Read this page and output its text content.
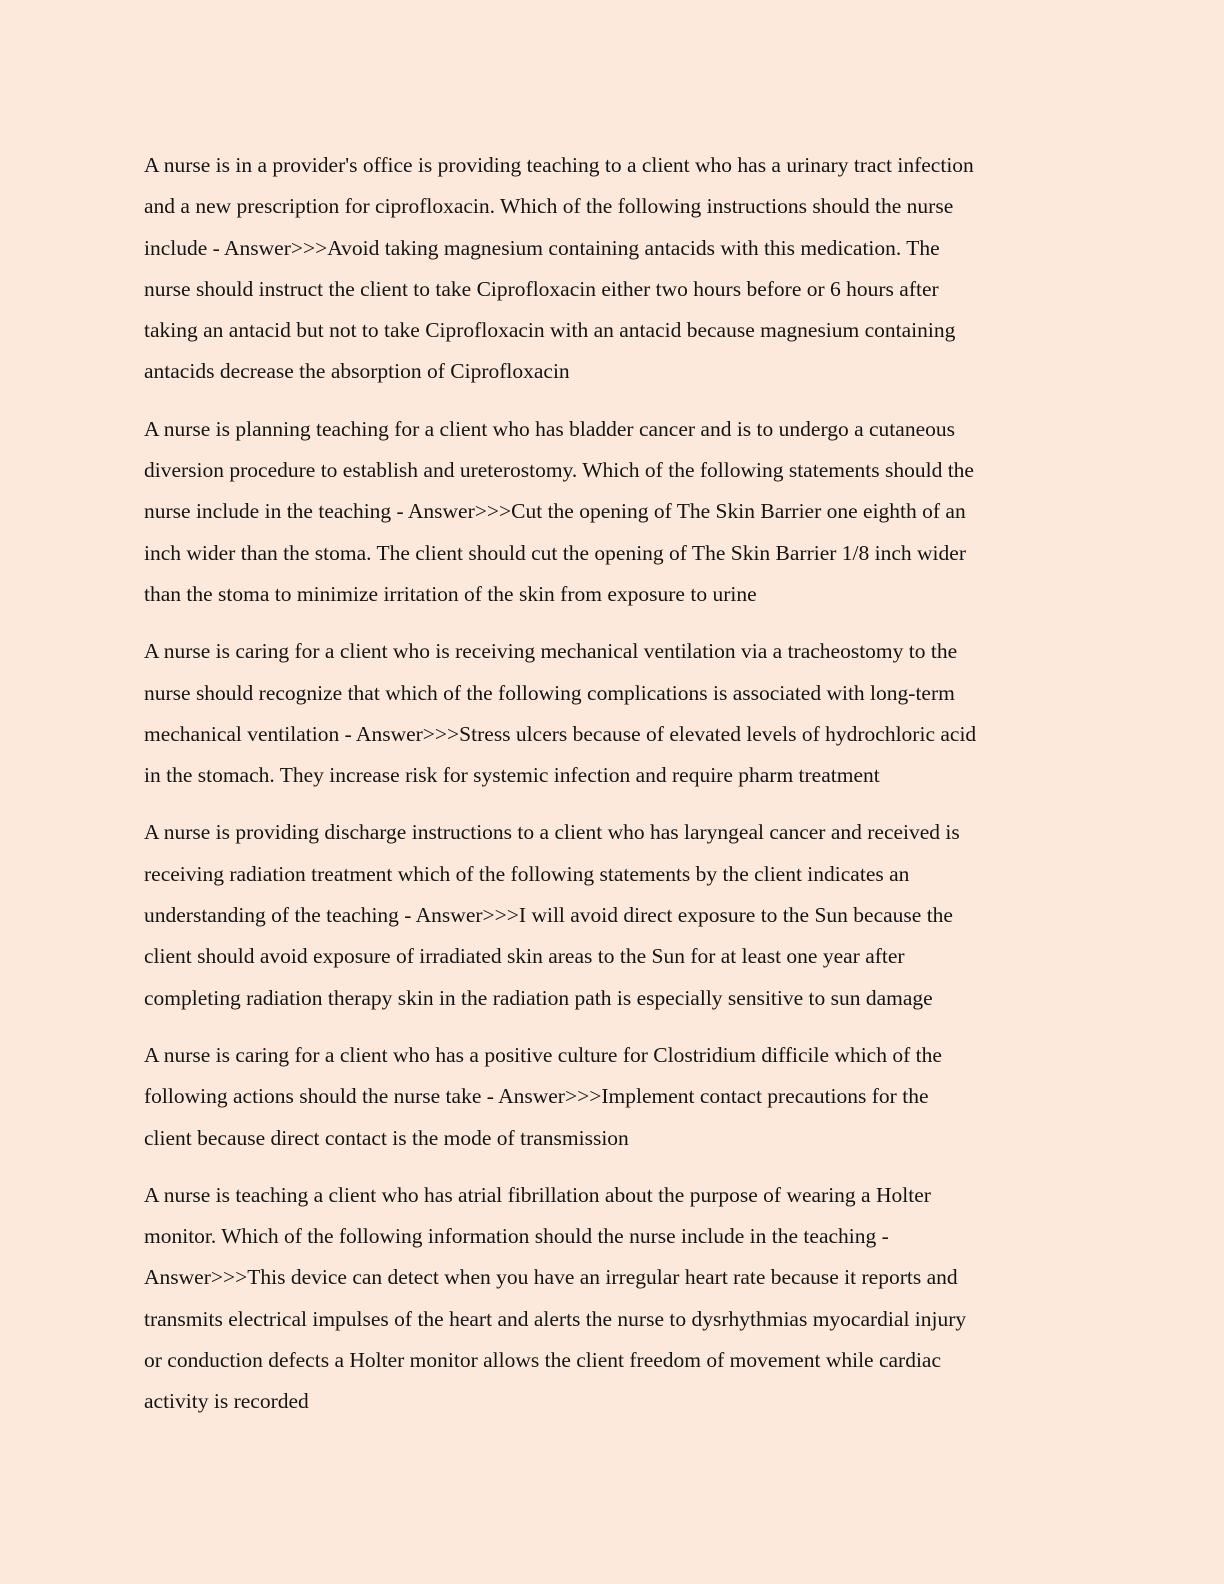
A nurse is in a provider's office is providing teaching to a client who has a urinary tract infection
and a new prescription for ciprofloxacin. Which of the following instructions should the nurse
include - Answer>>>Avoid taking magnesium containing antacids with this medication. The
nurse should instruct the client to take Ciprofloxacin either two hours before or 6 hours after
taking an antacid but not to take Ciprofloxacin with an antacid because magnesium containing
antacids decrease the absorption of Ciprofloxacin

A nurse is planning teaching for a client who has bladder cancer and is to undergo a cutaneous
diversion procedure to establish and ureterostomy. Which of the following statements should the
nurse include in the teaching - Answer>>>Cut the opening of The Skin Barrier one eighth of an
inch wider than the stoma. The client should cut the opening of The Skin Barrier 1/8 inch wider
than the stoma to minimize irritation of the skin from exposure to urine

A nurse is caring for a client who is receiving mechanical ventilation via a tracheostomy to the
nurse should recognize that which of the following complications is associated with long-term
mechanical ventilation - Answer>>>Stress ulcers because of elevated levels of hydrochloric acid
in the stomach. They increase risk for systemic infection and require pharm treatment

A nurse is providing discharge instructions to a client who has laryngeal cancer and received is
receiving radiation treatment which of the following statements by the client indicates an
understanding of the teaching - Answer>>>I will avoid direct exposure to the Sun because the
client should avoid exposure of irradiated skin areas to the Sun for at least one year after
completing radiation therapy skin in the radiation path is especially sensitive to sun damage

A nurse is caring for a client who has a positive culture for Clostridium difficile which of the
following actions should the nurse take - Answer>>>Implement contact precautions for the
client because direct contact is the mode of transmission

A nurse is teaching a client who has atrial fibrillation about the purpose of wearing a Holter
monitor. Which of the following information should the nurse include in the teaching -
Answer>>>This device can detect when you have an irregular heart rate because it reports and
transmits electrical impulses of the heart and alerts the nurse to dysrhythmias myocardial injury
or conduction defects a Holter monitor allows the client freedom of movement while cardiac
activity is recorded
